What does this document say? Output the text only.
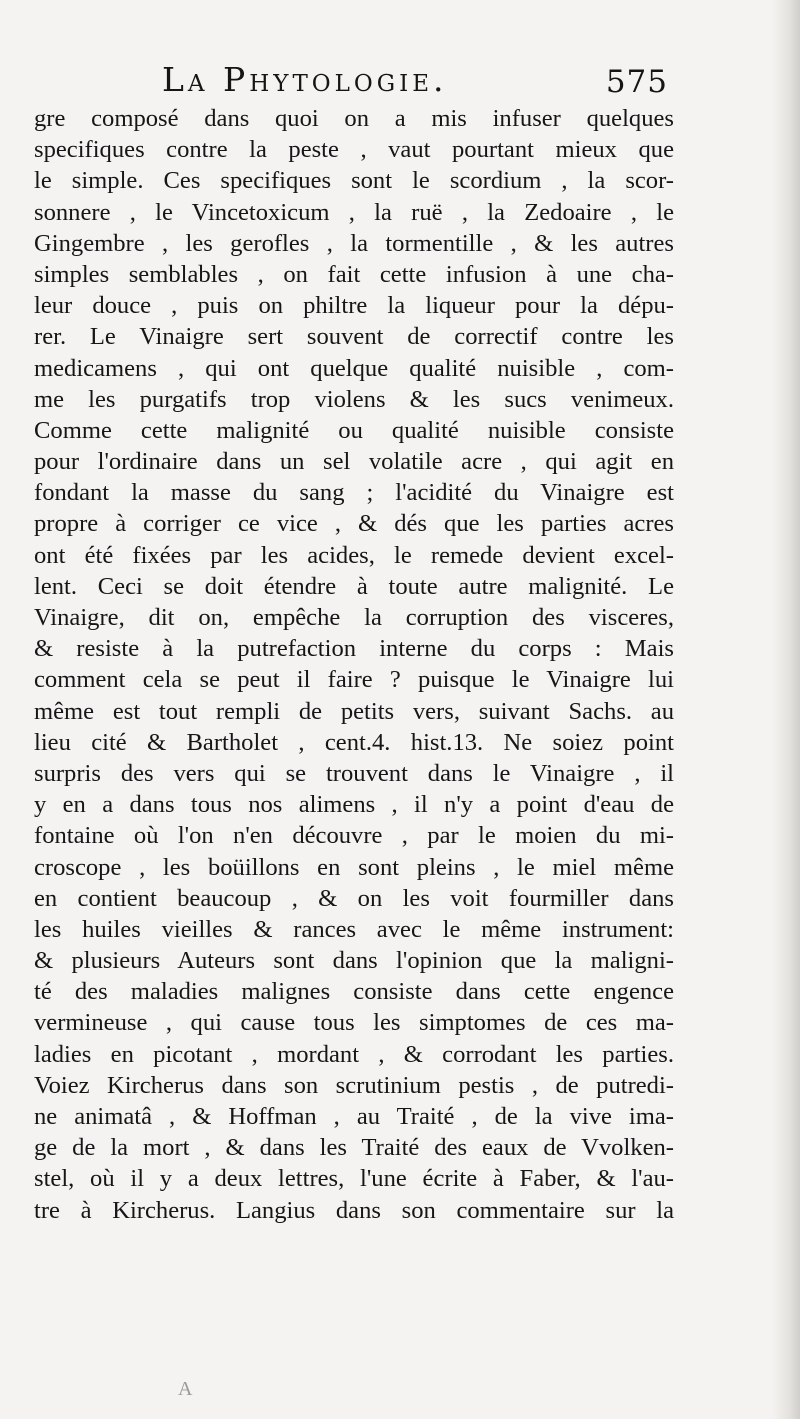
La Phytologie.	575
gre composé dans quoi on a mis infuser quelques
specifiques contre la peste , vaut pourtant mieux que
le simple. Ces specifiques sont le scordium , la scor-
sonnere , le Vincetoxicum , la ruë , la Zedoaire , le
Gingembre , les gerofles , la tormentille , & les autres
simples semblables , on fait cette infusion à une cha-
leur douce , puis on philtre la liqueur pour la dépu-
rer. Le Vinaigre sert souvent de correctif contre les
medicamens , qui ont quelque qualité nuisible , com-
me les purgatifs trop violens & les sucs venimeux.
Comme cette malignité ou qualité nuisible consiste
pour l'ordinaire dans un sel volatile acre , qui agit en
fondant la masse du sang ; l'acidité du Vinaigre est
propre à corriger ce vice , & dés que les parties acres
ont été fixées par les acides, le remede devient excel-
lent. Ceci se doit étendre à toute autre malignité. Le
Vinaigre, dit on, empêche la corruption des visceres,
& resiste à la putrefaction interne du corps : Mais
comment cela se peut il faire ? puisque le Vinaigre lui
même est tout rempli de petits vers, suivant Sachs. au
lieu cité & Bartholet , cent.4. hist.13. Ne soiez point
surpris des vers qui se trouvent dans le Vinaigre , il
y en a dans tous nos alimens , il n'y a point d'eau de
fontaine où l'on n'en découvre , par le moien du mi-
croscope , les boüillons en sont pleins , le miel même
en contient beaucoup , & on les voit fourmiller dans
les huiles vieilles & rances avec le même instrument:
& plusieurs Auteurs sont dans l'opinion que la maligni-
té des maladies malignes consiste dans cette engence
vermineuse , qui cause tous les simptomes de ces ma-
ladies en picotant , mordant , & corrodant les parties.
Voiez Kircherus dans son scrutinium pestis , de putredi-
ne animatâ , & Hoffman , au Traité , de la vive ima-
ge de la mort , & dans les Traité des eaux de Vvolken-
stel, où il y a deux lettres, l'une écrite à Faber, & l'au-
tre à Kircherus. Langius dans son commentaire sur la
A
